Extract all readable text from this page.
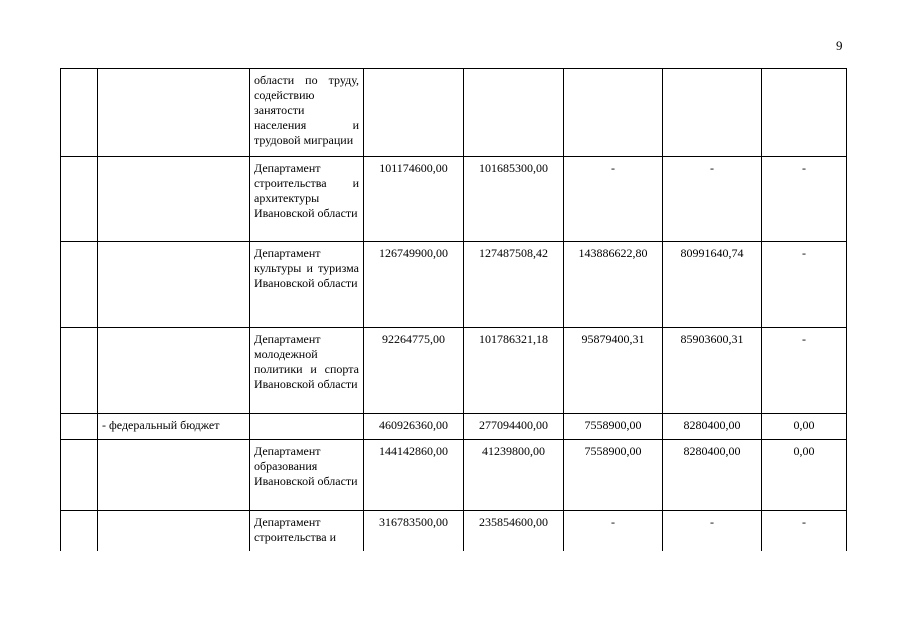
9
		области по труду, содействию занятости населения и трудовой миграции					
		Департамент строительства и архитектуры Ивановской области	101174600,00	101685300,00	-	-	-
		Департамент культуры и туризма Ивановской области	126749900,00	127487508,42	143886622,80	80991640,74	-
		Департамент молодежной политики и спорта Ивановской области	92264775,00	101786321,18	95879400,31	85903600,31	-
	- федеральный бюджет		460926360,00	277094400,00	7558900,00	8280400,00	0,00
		Департамент образования Ивановской области	144142860,00	41239800,00	7558900,00	8280400,00	0,00
		Департамент строительства и	316783500,00	235854600,00	-	-	-
